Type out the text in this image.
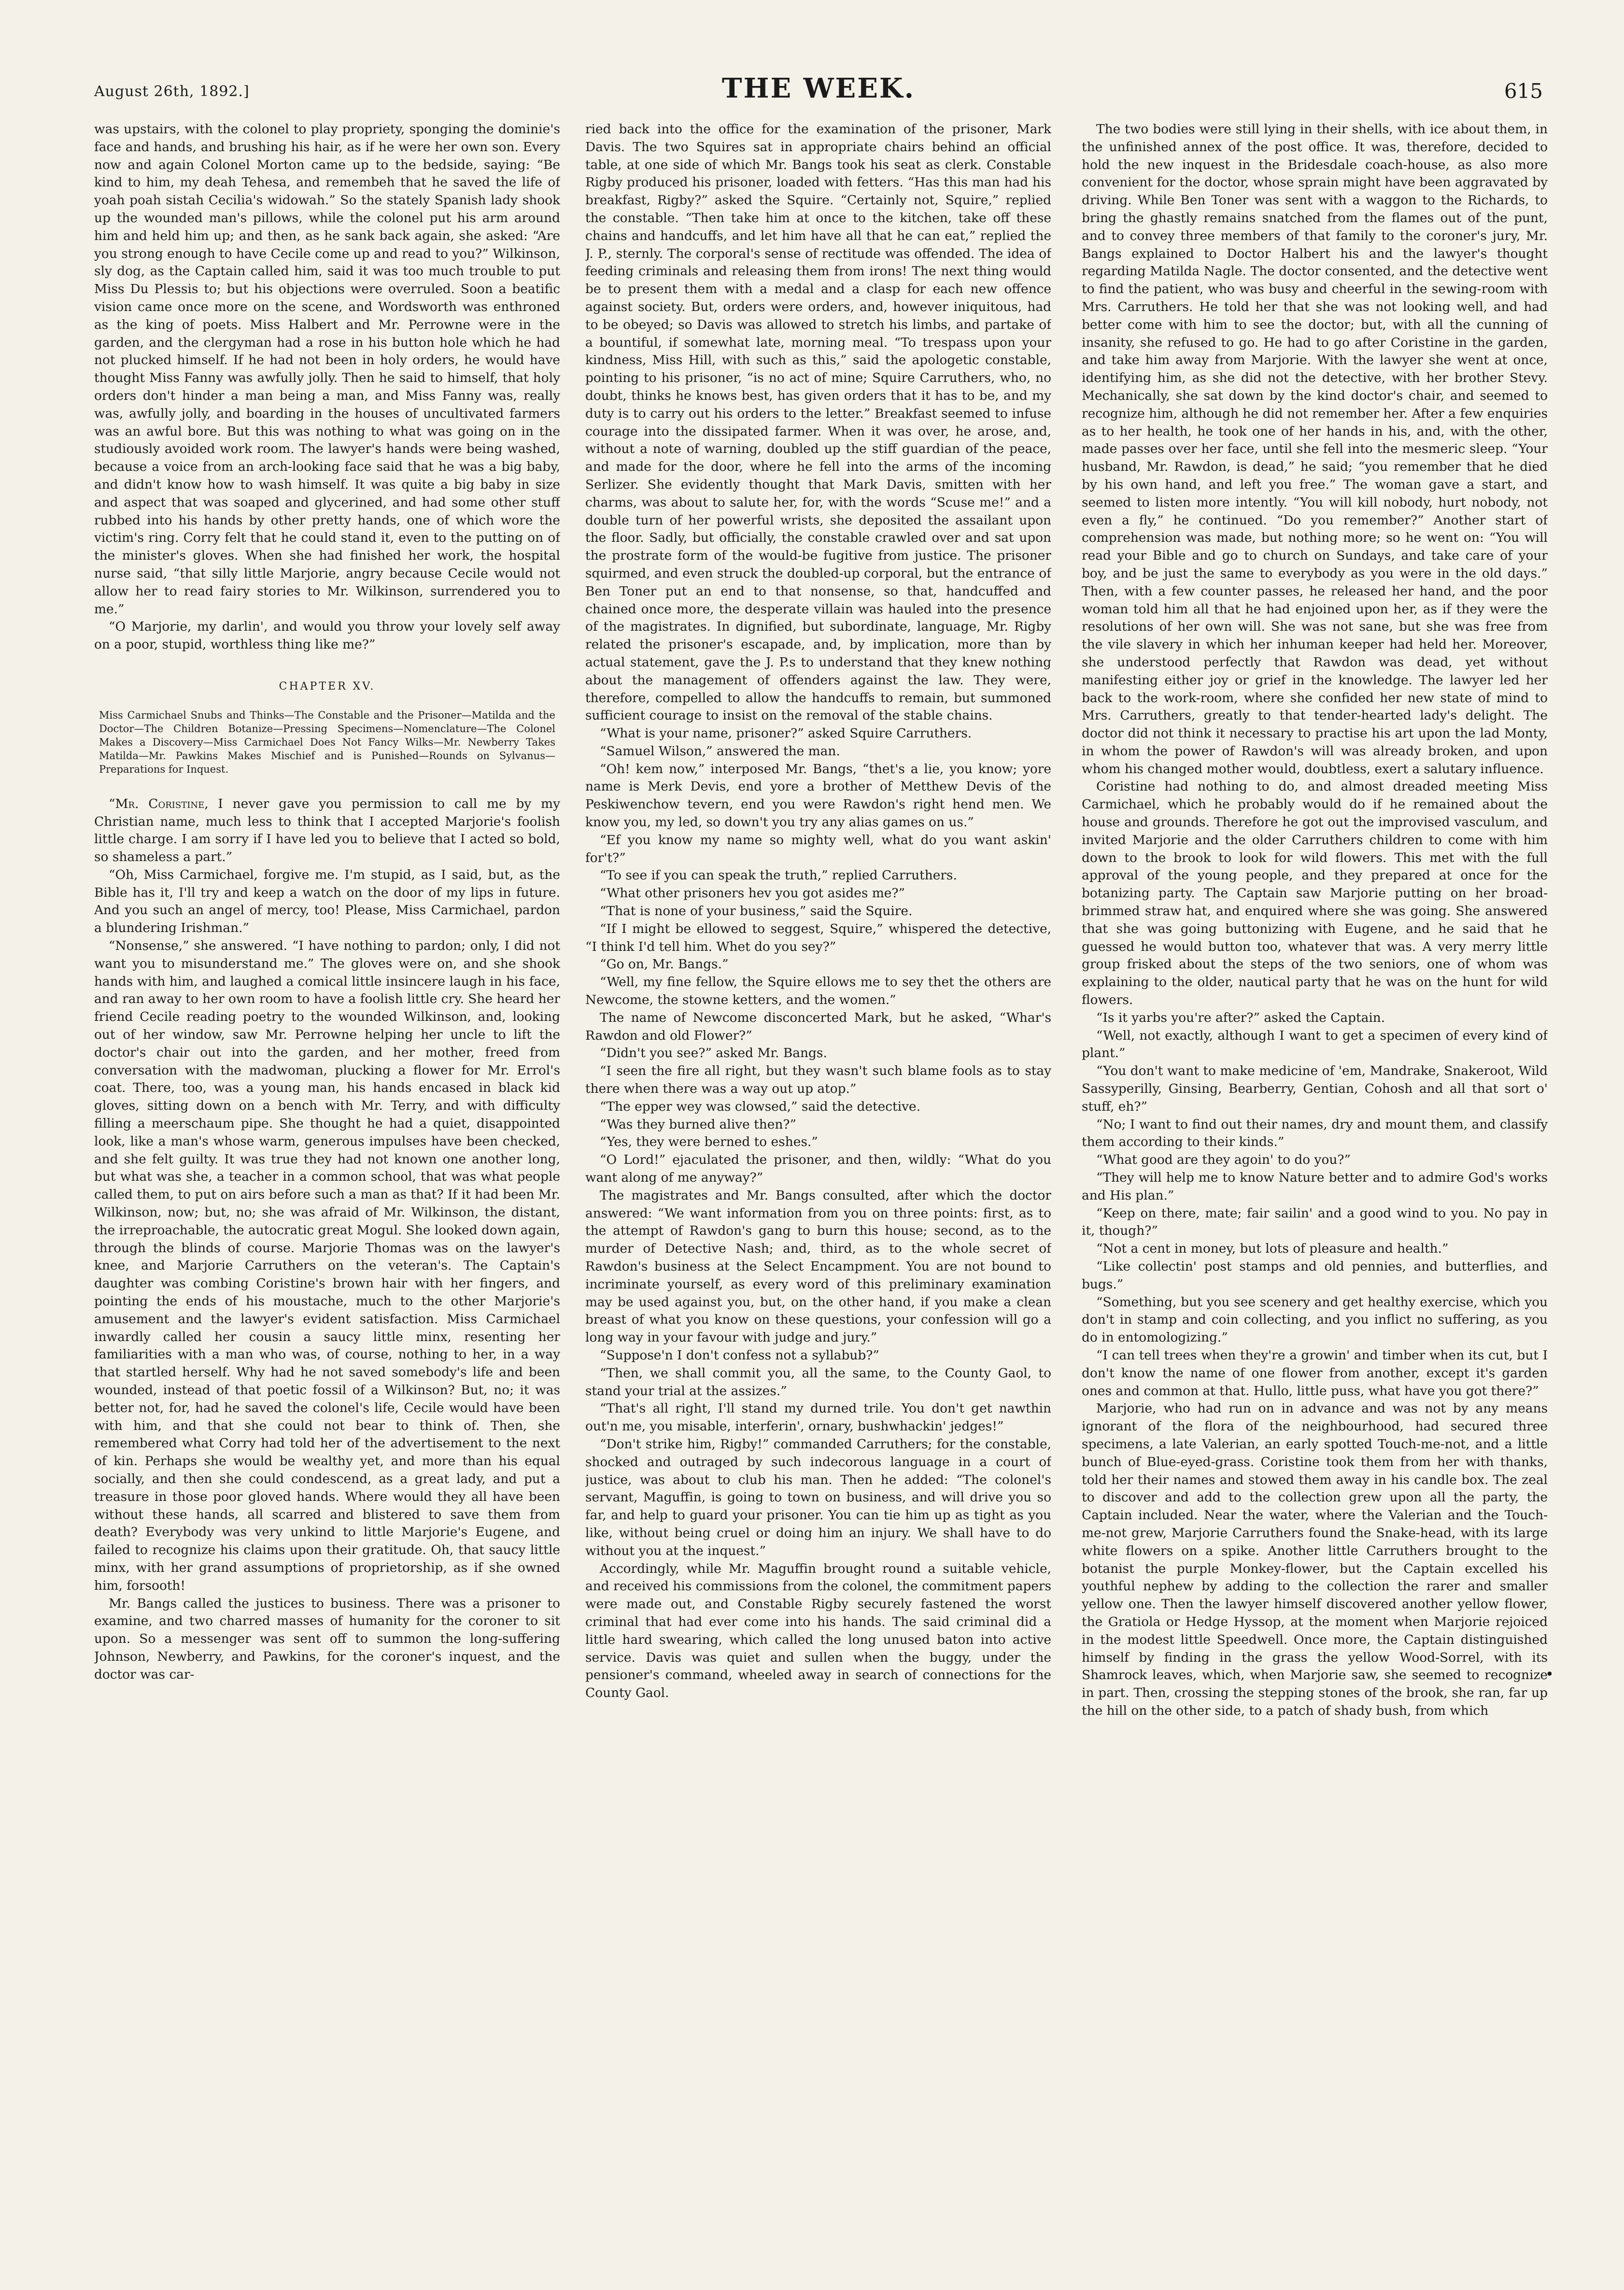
August 26th, 1892.]	THE WEEK.	615

was upstairs, with the colonel to play propriety, sponging the dominie's face and hands, and brushing his hair, as if he were her own son. Every now and again Colonel Morton came up to the bedside, saying: “Be kind to him, my deah Tehesa, and remembeh that he saved the life of yoah poah sistah Cecilia's widowah.” So the stately Spanish lady shook up the wounded man's pillows, while the colonel put his arm around him and held him up; and then, as he sank back again, she asked: “Are you strong enough to have Cecile come up and read to you?” Wilkinson, sly dog, as the Captain called him, said it was too much trouble to put Miss Du Plessis to; but his objections were overruled. Soon a beatific vision came once more on the scene, and Wordsworth was enthroned as the king of poets. Miss Halbert and Mr. Perrowne were in the garden, and the clergyman had a rose in his button hole which he had not plucked himself. If he had not been in holy orders, he would have thought Miss Fanny was awfully jolly. Then he said to himself, that holy orders don't hinder a man being a man, and Miss Fanny was, really was, awfully jolly, and boarding in the houses of uncultivated farmers was an awful bore. But this was nothing to what was going on in the studiously avoided work room. The lawyer's hands were being washed, because a voice from an arch-looking face said that he was a big baby, and didn't know how to wash himself. It was quite a big baby in size and aspect that was soaped and glycerined, and had some other stuff rubbed into his hands by other pretty hands, one of which wore the victim's ring. Corry felt that he could stand it, even to the putting on of the minister's gloves. When she had finished her work, the hospital nurse said, “that silly little Marjorie, angry because Cecile would not allow her to read fairy stories to Mr. Wilkinson, surrendered you to me.”

“O Marjorie, my darlin', and would you throw your lovely self away on a poor, stupid, worthless thing like me?”

CHAPTER XV.
Miss Carmichael Snubs and Thinks—The Constable and the Prisoner—Matilda and the Doctor—The Children Botanize—Pressing Specimens—Nomenclature—The Colonel Makes a Discovery—Miss Carmichael Does Not Fancy Wilks—Mr. Newberry Takes Matilda—Mr. Pawkins Makes Mischief and is Punished—Rounds on Sylvanus—Preparations for Inquest.

“Mr. Coristine, I never gave you permission to call me by my Christian name, much less to think that I accepted Marjorie's foolish little charge. I am sorry if I have led you to believe that I acted so bold, so shameless a part.”

“Oh, Miss Carmichael, forgive me. I'm stupid, as I said, but, as the Bible has it, I'll try and keep a watch on the door of my lips in future. And you such an angel of mercy, too! Please, Miss Carmichael, pardon a blundering Irishman.”

“Nonsense,” she answered. “I have nothing to pardon; only, I did not want you to misunderstand me.” The gloves were on, and she shook hands with him, and laughed a comical little insincere laugh in his face, and ran away to her own room to have a foolish little cry. She heard her friend Cecile reading poetry to the wounded Wilkinson, and, looking out of her window, saw Mr. Perrowne helping her uncle to lift the doctor's chair out into the garden, and her mother, freed from conversation with the madwoman, plucking a flower for Mr. Errol's coat. There, too, was a young man, his hands encased in black kid gloves, sitting down on a bench with Mr. Terry, and with difficulty filling a meerschaum pipe. She thought he had a quiet, disappointed look, like a man's whose warm, generous impulses have been checked, and she felt guilty. It was true they had not known one another long, but what was she, a teacher in a common school, that was what people called them, to put on airs before such a man as that? If it had been Mr. Wilkinson, now; but, no; she was afraid of Mr. Wilkinson, the distant, the irreproachable, the autocratic great Mogul. She looked down again, through the blinds of course. Marjorie Thomas was on the lawyer's knee, and Marjorie Carruthers on the veteran's. The Captain's daughter was combing Coristine's brown hair with her fingers, and pointing the ends of his moustache, much to the other Marjorie's amusement and the lawyer's evident satisfaction. Miss Carmichael inwardly called her cousin a saucy little minx, resenting her familiarities with a man who was, of course, nothing to her, in a way that startled herself. Why had he not saved somebody's life and been wounded, instead of that poetic fossil of a Wilkinson? But, no; it was better not, for, had he saved the colonel's life, Cecile would have been with him, and that she could not bear to think of. Then, she remembered what Corry had told her of the advertisement to the next of kin. Perhaps she would be wealthy yet, and more than his equal socially, and then she could condescend, as a great lady, and put a treasure in those poor gloved hands. Where would they all have been without these hands, all scarred and blistered to save them from death? Everybody was very unkind to little Marjorie's Eugene, and failed to recognize his claims upon their gratitude. Oh, that saucy little minx, with her grand assumptions of proprietorship, as if she owned him, forsooth!

Mr. Bangs called the justices to business. There was a prisoner to examine, and two charred masses of humanity for the coroner to sit upon. So a messenger was sent off to summon the long-suffering Johnson, Newberry, and Pawkins, for the coroner's inquest, and the doctor was car-

ried back into the office for the examination of the prisoner, Mark Davis. The two Squires sat in appropriate chairs behind an official table, at one side of which Mr. Bangs took his seat as clerk. Constable Rigby produced his prisoner, loaded with fetters. “Has this man had his breakfast, Rigby?” asked the Squire. “Certainly not, Squire,” replied the constable. “Then take him at once to the kitchen, take off these chains and handcuffs, and let him have all that he can eat,” replied the J. P., sternly. The corporal's sense of rectitude was offended. The idea of feeding criminals and releasing them from irons! The next thing would be to present them with a medal and a clasp for each new offence against society. But, orders were orders, and, however iniquitous, had to be obeyed; so Davis was allowed to stretch his limbs, and partake of a bountiful, if somewhat late, morning meal. “To trespass upon your kindness, Miss Hill, with such as this,” said the apologetic constable, pointing to his prisoner, “is no act of mine; Squire Carruthers, who, no doubt, thinks he knows best, has given orders that it has to be, and my duty is to carry out his orders to the letter.” Breakfast seemed to infuse courage into the dissipated farmer. When it was over, he arose, and, without a note of warning, doubled up the stiff guardian of the peace, and made for the door, where he fell into the arms of the incoming Serlizer. She evidently thought that Mark Davis, smitten with her charms, was about to salute her, for, with the words “Scuse me!” and a double turn of her powerful wrists, she deposited the assailant upon the floor. Sadly, but officially, the constable crawled over and sat upon the prostrate form of the would-be fugitive from justice. The prisoner squirmed, and even struck the doubled-up corporal, but the entrance of Ben Toner put an end to that nonsense, so that, handcuffed and chained once more, the desperate villain was hauled into the presence of the magistrates. In dignified, but subordinate, language, Mr. Rigby related the prisoner's escapade, and, by implication, more than by actual statement, gave the J. P.s to understand that they knew nothing about the management of offenders against the law. They were, therefore, compelled to allow the handcuffs to remain, but summoned sufficient courage to insist on the removal of the stable chains.

“What is your name, prisoner?” asked Squire Carruthers.

“Samuel Wilson,” answered the man.

“Oh! kem now,” interposed Mr. Bangs, “thet's a lie, you know; yore name is Merk Devis, end yore a brother of Metthew Devis of the Peskiwenchow tevern, end you were Rawdon's right hend men. We know you, my led, so down't you try any alias games on us.”

“Ef you know my name so mighty well, what do you want askin' for't?”

“To see if you can speak the truth,” replied Carruthers.

“What other prisoners hev you got asides me?”

“That is none of your business,” said the Squire.

“If I might be ellowed to seggest, Squire,” whispered the detective, “I think I'd tell him. Whet do you sey?”

“Go on, Mr. Bangs.”

“Well, my fine fellow, the Squire ellows me to sey thet the others are Newcome, the stowne ketters, and the women.”

The name of Newcome disconcerted Mark, but he asked, “Whar's Rawdon and old Flower?”

“Didn't you see?” asked Mr. Bangs.

“I seen the fire all right, but they wasn't such blame fools as to stay there when there was a way out up atop.”

“The epper wey was clowsed,” said the detective.

“Was they burned alive then?”

“Yes, they were berned to eshes.”

“O Lord!” ejaculated the prisoner, and then, wildly: “What do you want along of me anyway?”

The magistrates and Mr. Bangs consulted, after which the doctor answered: “We want information from you on three points: first, as to the attempt of Rawdon's gang to burn this house; second, as to the murder of Detective Nash; and, third, as to the whole secret of Rawdon's business at the Select Encampment. You are not bound to incriminate yourself, as every word of this preliminary examination may be used against you, but, on the other hand, if you make a clean breast of what you know on these questions, your confession will go a long way in your favour with judge and jury.”

“Suppose'n I don't confess not a syllabub?”

“Then, we shall commit you, all the same, to the County Gaol, to stand your trial at the assizes.”

“That's all right, I'll stand my durned trile. You don't get nawthin out'n me, you misable, interferin', ornary, bushwhackin' jedges!”

“Don't strike him, Rigby!” commanded Carruthers; for the constable, shocked and outraged by such indecorous language in a court of justice, was about to club his man. Then he added: “The colonel's servant, Maguffin, is going to town on business, and will drive you so far, and help to guard your prisoner. You can tie him up as tight as you like, without being cruel or doing him an injury. We shall have to do without you at the inquest.”

Accordingly, while Mr. Maguffin brought round a suitable vehicle, and received his commissions from the colonel, the commitment papers were made out, and Constable Rigby securely fastened the worst criminal that had ever come into his hands. The said criminal did a little hard swearing, which called the long unused baton into active service. Davis was quiet and sullen when the buggy, under the pensioner's command, wheeled away in search of connections for the County Gaol.

The two bodies were still lying in their shells, with ice about them, in the unfinished annex of the post office. It was, therefore, decided to hold the new inquest in the Bridesdale coach-house, as also more convenient for the doctor, whose sprain might have been aggravated by driving. While Ben Toner was sent with a waggon to the Richards, to bring the ghastly remains snatched from the flames out of the punt, and to convey three members of that family to the coroner's jury, Mr. Bangs explained to Doctor Halbert his and the lawyer's thought regarding Matilda Nagle. The doctor consented, and the detective went to find the patient, who was busy and cheerful in the sewing-room with Mrs. Carruthers. He told her that she was not looking well, and had better come with him to see the doctor; but, with all the cunning of insanity, she refused to go. He had to go after Coristine in the garden, and take him away from Marjorie. With the lawyer she went at once, identifying him, as she did not the detective, with her brother Stevy. Mechanically, she sat down by the kind doctor's chair, and seemed to recognize him, although he did not remember her. After a few enquiries as to her health, he took one of her hands in his, and, with the other, made passes over her face, until she fell into the mesmeric sleep. “Your husband, Mr. Rawdon, is dead,” he said; “you remember that he died by his own hand, and left you free.” The woman gave a start, and seemed to listen more intently. “You will kill nobody, hurt nobody, not even a fly,” he continued. “Do you remember?” Another start of comprehension was made, but nothing more; so he went on: “You will read your Bible and go to church on Sundays, and take care of your boy, and be just the same to everybody as you were in the old days.” Then, with a few counter passes, he released her hand, and the poor woman told him all that he had enjoined upon her, as if they were the resolutions of her own will. She was not sane, but she was free from the vile slavery in which her inhuman keeper had held her. Moreover, she understood perfectly that Rawdon was dead, yet without manifesting either joy or grief in the knowledge. The lawyer led her back to the work-room, where she confided her new state of mind to Mrs. Carruthers, greatly to that tender-hearted lady's delight. The doctor did not think it necessary to practise his art upon the lad Monty, in whom the power of Rawdon's will was already broken, and upon whom his changed mother would, doubtless, exert a salutary influence.

Coristine had nothing to do, and almost dreaded meeting Miss Carmichael, which he probably would do if he remained about the house and grounds. Therefore he got out the improvised vasculum, and invited Marjorie and the older Carruthers children to come with him down to the brook to look for wild flowers. This met with the full approval of the young people, and they prepared at once for the botanizing party. The Captain saw Marjorie putting on her broad-brimmed straw hat, and enquired where she was going. She answered that she was going buttonizing with Eugene, and he said that he guessed he would button too, whatever that was. A very merry little group frisked about the steps of the two seniors, one of whom was explaining to the older, nautical party that he was on the hunt for wild flowers.

“Is it yarbs you're after?” asked the Captain.

“Well, not exactly, although I want to get a specimen of every kind of plant.”

“You don't want to make medicine of 'em, Mandrake, Snakeroot, Wild Sassyperilly, Ginsing, Bearberry, Gentian, Cohosh and all that sort o' stuff, eh?”

“No; I want to find out their names, dry and mount them, and classify them according to their kinds.”

“What good are they agoin' to do you?”

“They will help me to know Nature better and to admire God's works and His plan.”

“Keep on there, mate; fair sailin' and a good wind to you. No pay in it, though?”

“Not a cent in money, but lots of pleasure and health.”

“Like collectin' post stamps and old pennies, and butterflies, and bugs.”

“Something, but you see scenery and get healthy exercise, which you don't in stamp and coin collecting, and you inflict no suffering, as you do in entomologizing.”

“I can tell trees when they're a growin' and timber when its cut, but I don't know the name of one flower from another, except it's garden ones and common at that. Hullo, little puss, what have you got there?”

Marjorie, who had run on in advance and was not by any means ignorant of the flora of the neighbourhood, had secured three specimens, a late Valerian, an early spotted Touch-me-not, and a little bunch of Blue-eyed-grass. Coristine took them from her with thanks, told her their names and stowed them away in his candle box. The zeal to discover and add to the collection grew upon all the party, the Captain included. Near the water, where the Valerian and the Touch-me-not grew, Marjorie Carruthers found the Snake-head, with its large white flowers on a spike. Another little Carruthers brought to the botanist the purple Monkey-flower, but the Captain excelled his youthful nephew by adding to the collection the rarer and smaller yellow one. Then the lawyer himself discovered another yellow flower, the Gratiola or Hedge Hyssop, at the moment when Marjorie rejoiced in the modest little Speedwell. Once more, the Captain distinguished himself by finding in the grass the yellow Wood-Sorrel, with its Shamrock leaves, which, when Marjorie saw, she seemed to recognize in part. Then, crossing the stepping stones of the brook, she ran, far up the hill on the other side, to a patch of shady bush, from which

•
